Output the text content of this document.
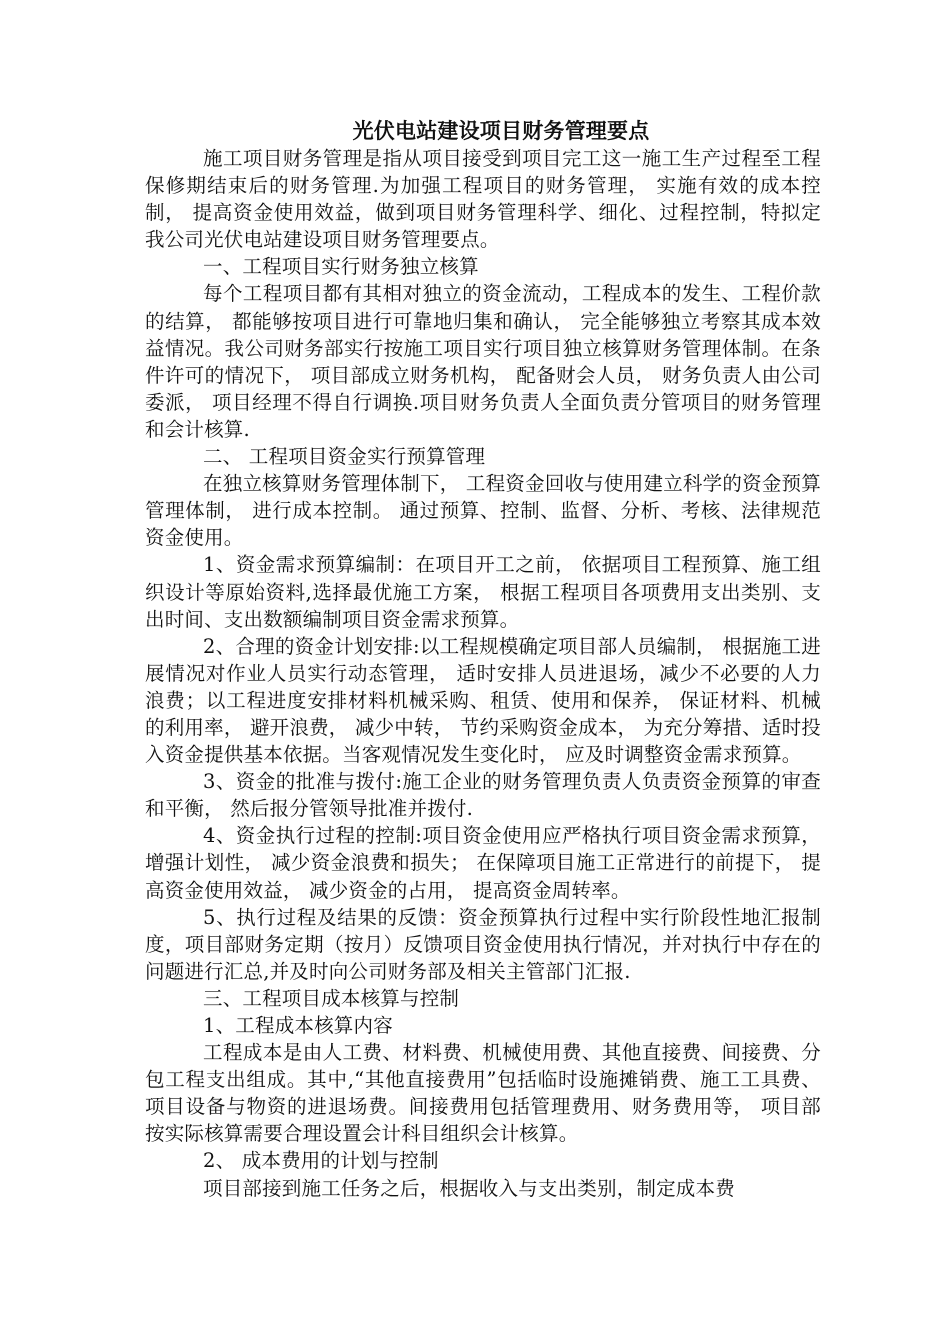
光伏电站建设项目财务管理要点

施工项目财务管理是指从项目接受到项目完工这一施工生产过程至工程保修期结束后的财务管理.为加强工程项目的财务管理， 实施有效的成本控制， 提高资金使用效益，做到项目财务管理科学、细化、过程控制，特拟定我公司光伏电站建设项目财务管理要点。

一、工程项目实行财务独立核算

每个工程项目都有其相对独立的资金流动，工程成本的发生、工程价款的结算， 都能够按项目进行可靠地归集和确认， 完全能够独立考察其成本效益情况。我公司财务部实行按施工项目实行项目独立核算财务管理体制。在条件许可的情况下， 项目部成立财务机构， 配备财会人员， 财务负责人由公司委派， 项目经理不得自行调换.项目财务负责人全面负责分管项目的财务管理和会计核算.

二、 工程项目资金实行预算管理

在独立核算财务管理体制下， 工程资金回收与使用建立科学的资金预算管理体制， 进行成本控制。 通过预算、控制、监督、分析、考核、法律规范资金使用。

1、资金需求预算编制：在项目开工之前， 依据项目工程预算、施工组织设计等原始资料,选择最优施工方案， 根据工程项目各项费用支出类别、支出时间、支出数额编制项目资金需求预算。

2、合理的资金计划安排:以工程规模确定项目部人员编制， 根据施工进展情况对作业人员实行动态管理， 适时安排人员进退场，减少不必要的人力浪费；以工程进度安排材料机械采购、租赁、使用和保养， 保证材料、机械的利用率， 避开浪费， 减少中转， 节约采购资金成本， 为充分筹措、适时投入资金提供基本依据。当客观情况发生变化时， 应及时调整资金需求预算。

3、资金的批准与拨付:施工企业的财务管理负责人负责资金预算的审查和平衡， 然后报分管领导批准并拨付.

4、资金执行过程的控制:项目资金使用应严格执行项目资金需求预算， 增强计划性， 减少资金浪费和损失； 在保障项目施工正常进行的前提下， 提高资金使用效益， 减少资金的占用， 提高资金周转率。

5、执行过程及结果的反馈：资金预算执行过程中实行阶段性地汇报制度，项目部财务定期（按月）反馈项目资金使用执行情况，并对执行中存在的问题进行汇总,并及时向公司财务部及相关主管部门汇报.

三、工程项目成本核算与控制

1、工程成本核算内容

工程成本是由人工费、材料费、机械使用费、其他直接费、间接费、分包工程支出组成。其中,“其他直接费用”包括临时设施摊销费、施工工具费、项目设备与物资的进退场费。间接费用包括管理费用、财务费用等， 项目部按实际核算需要合理设置会计科目组织会计核算。

2、 成本费用的计划与控制

项目部接到施工任务之后，根据收入与支出类别，制定成本费
